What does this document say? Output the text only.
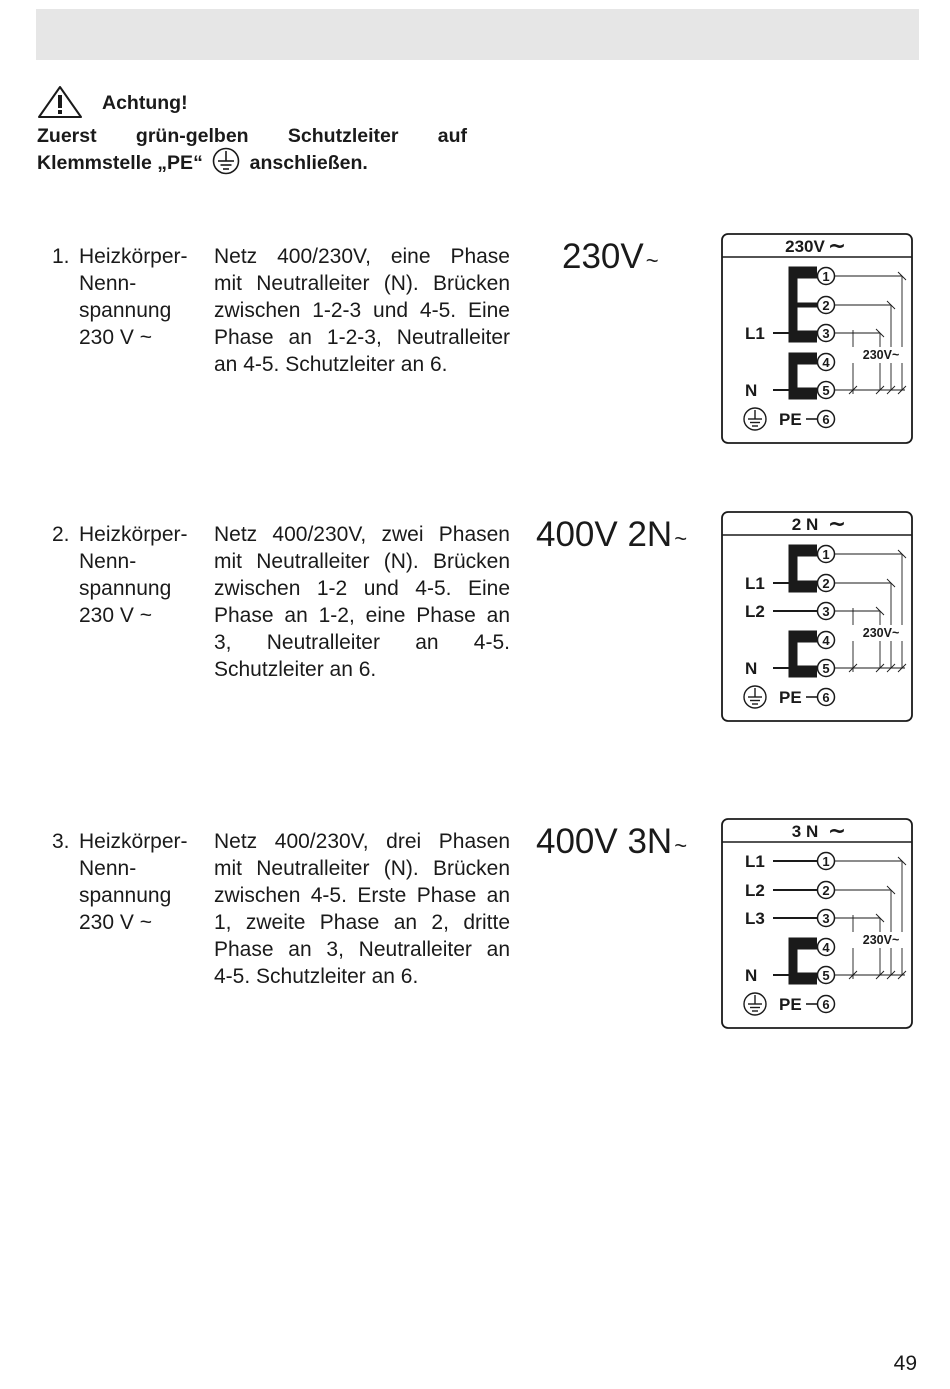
Achtung!
Zuerst grün-gelben Schutzleiter auf
Klemmstelle „PE“ anschließen.
1. Heizkörper-
Nenn-
spannung
230 V ~
Netz 400/230V, eine Phase
mit Neutralleiter (N). Brücken
zwischen 1-2-3 und 4-5. Eine
Phase an 1-2-3, Neutralleiter
an 4-5. Schutzleiter an 6.
230V~
230V ~
1
2
3
4
5
6
L1
N
PE
230V~
2. Heizkörper-
Nenn-
spannung
230 V ~
Netz 400/230V, zwei Phasen
mit Neutralleiter (N). Brücken
zwischen 1-2 und 4-5. Eine
Phase an 1-2, eine Phase an
3, Neutralleiter an 4-5.
Schutzleiter an 6.
400V 2N~
2 N ~
1
2
3
4
5
6
L1
L2
N
PE
230V~
3. Heizkörper-
Nenn-
spannung
230 V ~
Netz 400/230V, drei Phasen
mit Neutralleiter (N). Brücken
zwischen 4-5. Erste Phase an
1, zweite Phase an 2, dritte
Phase an 3, Neutralleiter an
4-5. Schutzleiter an 6.
400V 3N~
3 N ~
1
2
3
4
5
6
L1
L2
L3
N
PE
230V~
49
